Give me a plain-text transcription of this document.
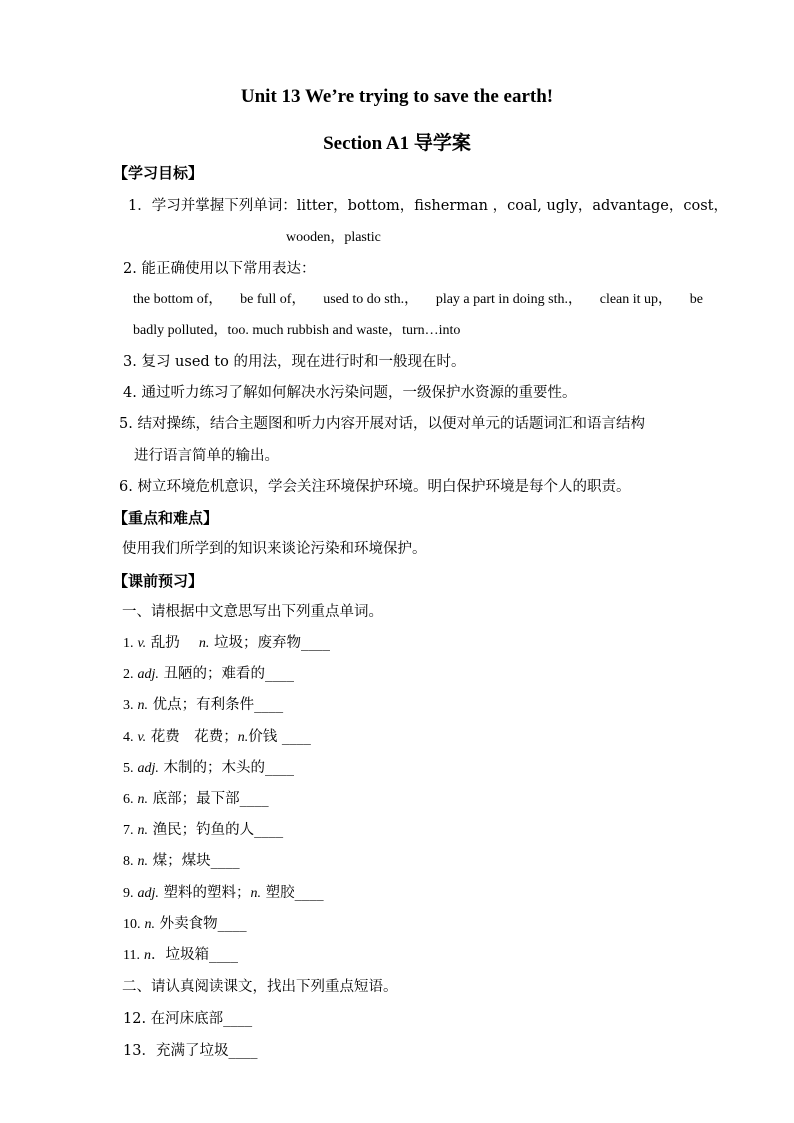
Unit 13 We’re trying to save the earth!
Section A1 导学案
【学习目标】
1．学习并掌握下列单词：litter，bottom，fisherman ，coal, ugly，advantage，cost，
wooden，plastic
2. 能正确使用以下常用表达：
the bottom of， be full of， used to do sth.， play a part in doing sth.， clean it up， be
badly polluted，too. much rubbish and waste，turn…into
3. 复习 used to 的用法，现在进行时和一般现在时。
4. 通过听力练习了解如何解决水污染问题，一级保护水资源的重要性。
5. 结对操练，结合主题图和听力内容开展对话，以便对单元的话题词汇和语言结构
进行语言简单的输出。
6. 树立环境危机意识，学会关注环境保护环境。明白保护环境是每个人的职责。
【重点和难点】
使用我们所学到的知识来谈论污染和环境保护。
【课前预习】
一、请根据中文意思写出下列重点单词。
1. v. 乱扔　 n. 垃圾；废弃物____
2. adj. 丑陋的；难看的____
3. n. 优点；有利条件____
4. v. 花费　花费；n.价钱 ____
5. adj. 木制的；木头的____
6. n. 底部；最下部____
7. n. 渔民；钓鱼的人____
8. n. 煤；煤块____
9. adj. 塑料的塑料；n. 塑胶____
10. n. 外卖食物____
11. n．垃圾箱____
二、请认真阅读课文，找出下列重点短语。
12. 在河床底部____
13．充满了垃圾____
